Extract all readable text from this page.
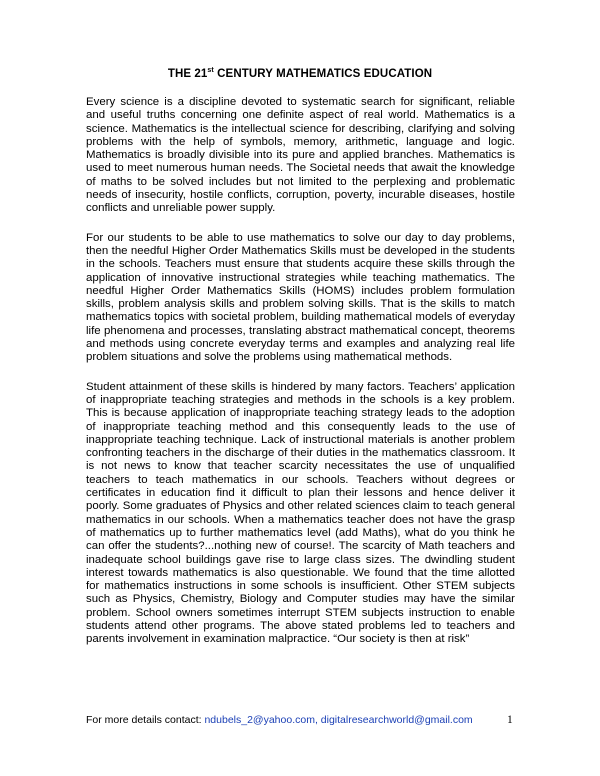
THE 21st CENTURY MATHEMATICS EDUCATION

Every science is a discipline devoted to systematic search for significant, reliable and useful truths concerning one definite aspect of real world. Mathematics is a science. Mathematics is the intellectual science for describing, clarifying and solving problems with the help of symbols, memory, arithmetic, language and logic. Mathematics is broadly divisible into its pure and applied branches. Mathematics is used to meet numerous human needs. The Societal needs that await the knowledge of maths to be solved includes but not limited to the perplexing and problematic needs of insecurity, hostile conflicts, corruption, poverty, incurable diseases, hostile conflicts and unreliable power supply.

For our students to be able to use mathematics to solve our day to day problems, then the needful Higher Order Mathematics Skills must be developed in the students in the schools. Teachers must ensure that students acquire these skills through the application of innovative instructional strategies while teaching mathematics. The needful Higher Order Mathematics Skills (HOMS) includes problem formulation skills, problem analysis skills and problem solving skills. That is the skills to match mathematics topics with societal problem, building mathematical models of everyday life phenomena and processes, translating abstract mathematical concept, theorems and methods using concrete everyday terms and examples and analyzing real life problem situations and solve the problems using mathematical methods.

Student attainment of these skills is hindered by many factors. Teachers’ application of inappropriate teaching strategies and methods in the schools is a key problem. This is because application of inappropriate teaching strategy leads to the adoption of inappropriate teaching method and this consequently leads to the use of inappropriate teaching technique. Lack of instructional materials is another problem confronting teachers in the discharge of their duties in the mathematics classroom. It is not news to know that teacher scarcity necessitates the use of unqualified teachers to teach mathematics in our schools. Teachers without degrees or certificates in education find it difficult to plan their lessons and hence deliver it poorly. Some graduates of Physics and other related sciences claim to teach general mathematics in our schools. When a mathematics teacher does not have the grasp of mathematics up to further mathematics level (add Maths), what do you think he can offer the students?...nothing new of course!. The scarcity of Math teachers and inadequate school buildings gave rise to large class sizes. The dwindling student interest towards mathematics is also questionable. We found that the time allotted for mathematics instructions in some schools is insufficient. Other STEM subjects such as Physics, Chemistry, Biology and Computer studies may have the similar problem. School owners sometimes interrupt STEM subjects instruction to enable students attend other programs. The above stated problems led to teachers and parents involvement in examination malpractice. “Our society is then at risk”

For more details contact: ndubels_2@yahoo.com, digitalresearchworld@gmail.com	1
